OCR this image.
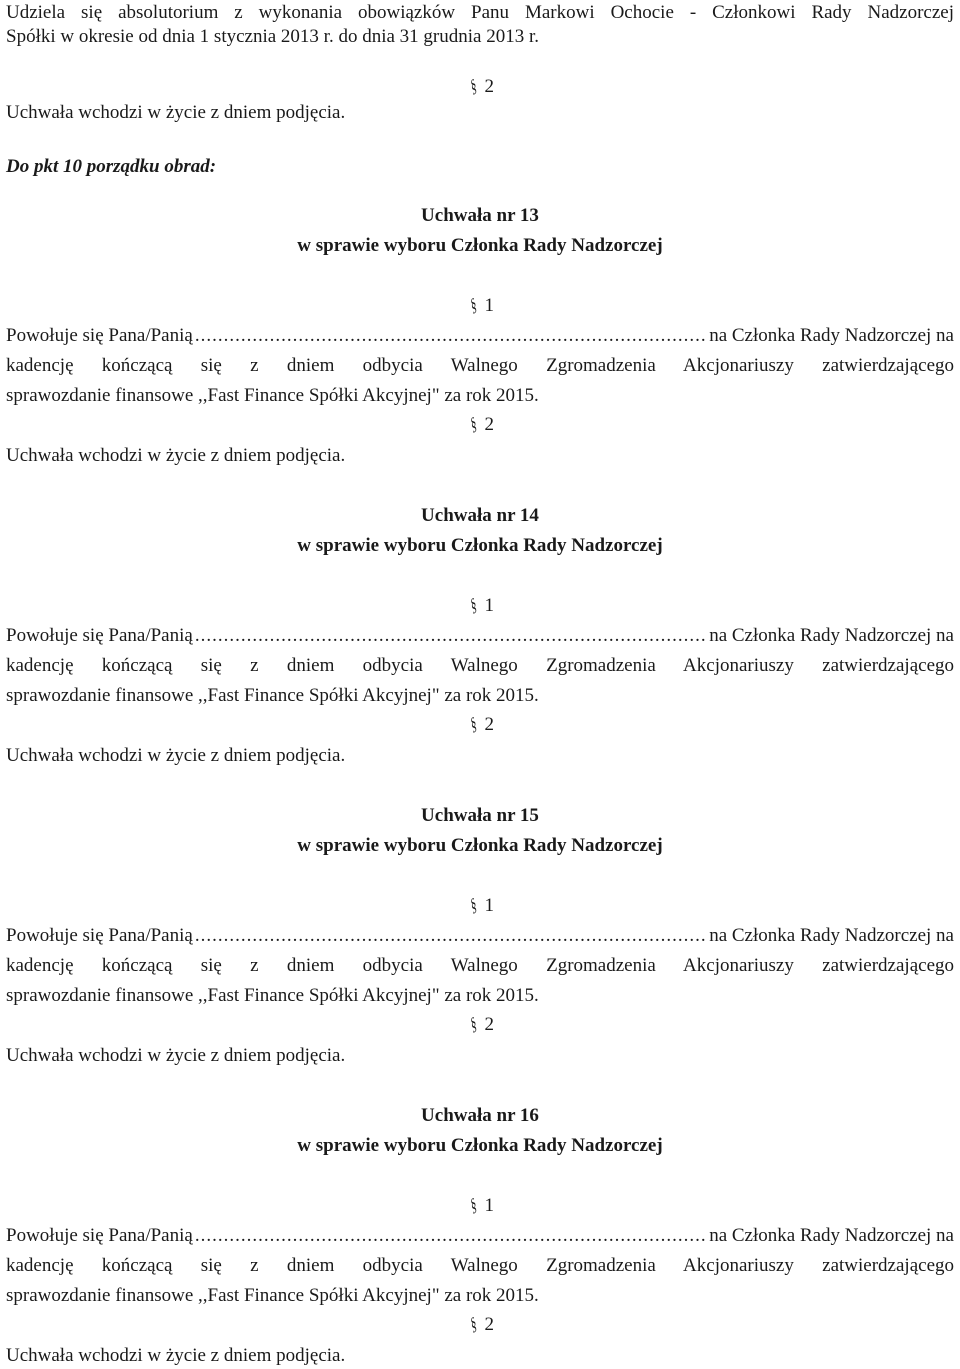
Udziela się absolutorium z wykonania obowiązków Panu Markowi Ochocie - Członkowi Rady Nadzorczej
Spółki w okresie od dnia 1 stycznia 2013 r. do dnia 31 grudnia 2013 r.
§ 2
Uchwała wchodzi w życie z dniem podjęcia.
Do pkt 10 porządku obrad:
Uchwała nr 13
w sprawie wyboru Członka Rady Nadzorczej
§ 1
Powołuje się Pana/Panią .....	na Członka Rady Nadzorczej na
kadencję kończącą się z dniem odbycia Walnego Zgromadzenia Akcjonariuszy zatwierdzającego
sprawozdanie finansowe ,,Fast Finance Spółki Akcyjnej" za rok 2015.
§ 2
Uchwała wchodzi w życie z dniem podjęcia.
Uchwała nr 14
w sprawie wyboru Członka Rady Nadzorczej
§ 1
Powołuje się Pana/Panią .....	na Członka Rady Nadzorczej na
kadencję kończącą się z dniem odbycia Walnego Zgromadzenia Akcjonariuszy zatwierdzającego
sprawozdanie finansowe ,,Fast Finance Spółki Akcyjnej" za rok 2015.
§ 2
Uchwała wchodzi w życie z dniem podjęcia.
Uchwała nr 15
w sprawie wyboru Członka Rady Nadzorczej
§ 1
Powołuje się Pana/Panią .....	na Członka Rady Nadzorczej na
kadencję kończącą się z dniem odbycia Walnego Zgromadzenia Akcjonariuszy zatwierdzającego
sprawozdanie finansowe ,,Fast Finance Spółki Akcyjnej" za rok 2015.
§ 2
Uchwała wchodzi w życie z dniem podjęcia.
Uchwała nr 16
w sprawie wyboru Członka Rady Nadzorczej
§ 1
Powołuje się Pana/Panią .....	na Członka Rady Nadzorczej na
kadencję kończącą się z dniem odbycia Walnego Zgromadzenia Akcjonariuszy zatwierdzającego
sprawozdanie finansowe ,,Fast Finance Spółki Akcyjnej" za rok 2015.
§ 2
Uchwała wchodzi w życie z dniem podjęcia.
